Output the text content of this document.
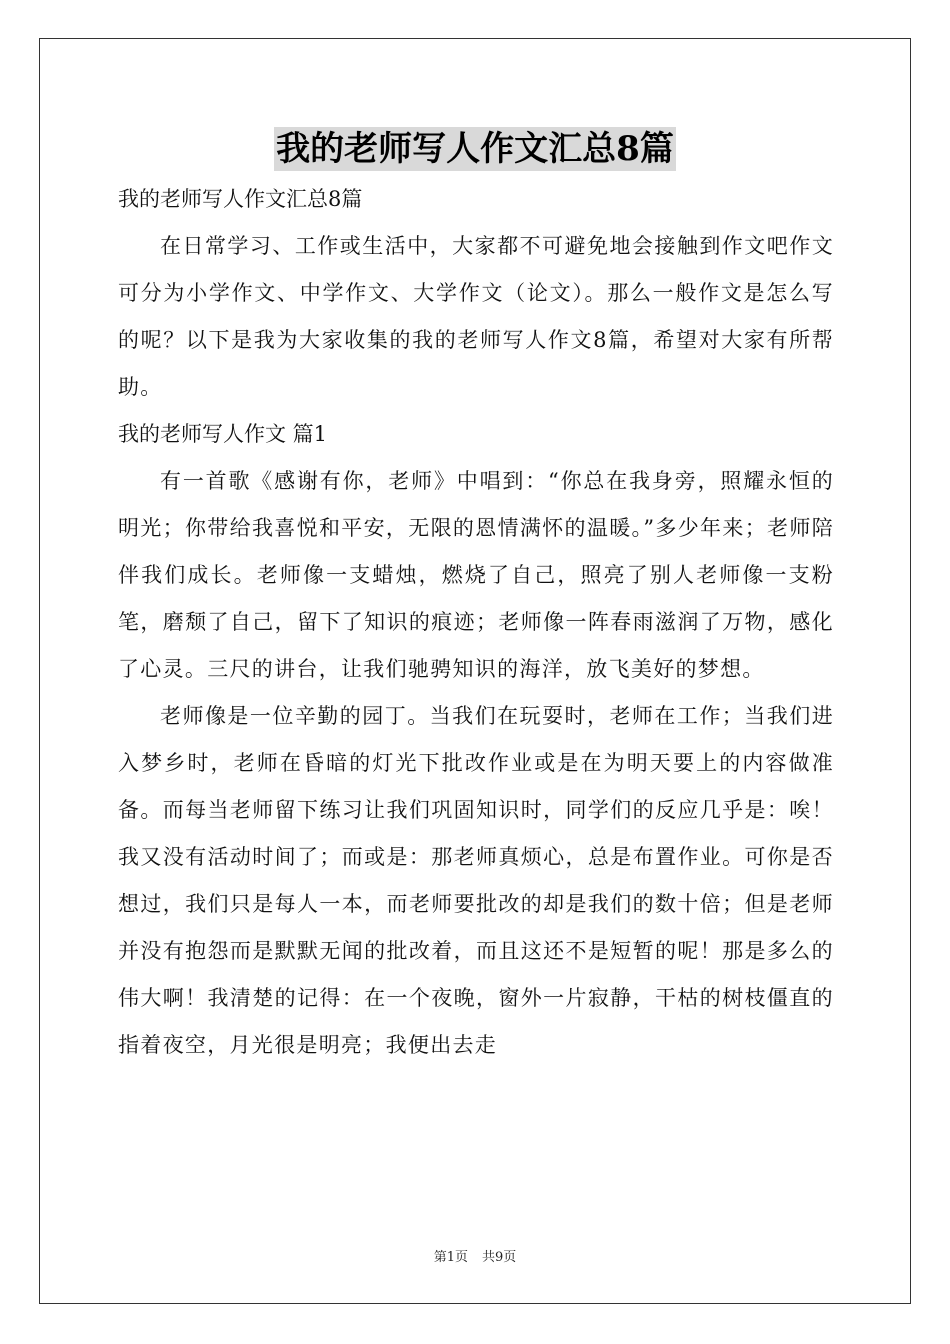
我的老师写人作文汇总8篇

我的老师写人作文汇总8篇

在日常学习、工作或生活中，大家都不可避免地会接触到作文吧作文可分为小学作文、中学作文、大学作文（论文）。那么一般作文是怎么写的呢？以下是我为大家收集的我的老师写人作文8篇，希望对大家有所帮助。

我的老师写人作文 篇1

有一首歌《感谢有你，老师》中唱到：“你总在我身旁，照耀永恒的明光；你带给我喜悦和平安，无限的恩情满怀的温暖。”多少年来；老师陪伴我们成长。老师像一支蜡烛，燃烧了自己，照亮了别人老师像一支粉笔，磨颓了自己，留下了知识的痕迹；老师像一阵春雨滋润了万物，感化了心灵。三尺的讲台，让我们驰骋知识的海洋，放飞美好的梦想。

老师像是一位辛勤的园丁。当我们在玩耍时，老师在工作；当我们进入梦乡时，老师在昏暗的灯光下批改作业或是在为明天要上的内容做准备。而每当老师留下练习让我们巩固知识时，同学们的反应几乎是：唉！我又没有活动时间了；而或是：那老师真烦心，总是布置作业。可你是否想过，我们只是每人一本，而老师要批改的却是我们的数十倍；但是老师并没有抱怨而是默默无闻的批改着，而且这还不是短暂的呢！那是多么的伟大啊！我清楚的记得：在一个夜晚，窗外一片寂静，干枯的树枝僵直的指着夜空，月光很是明亮；我便出去走

第1页 共9页
